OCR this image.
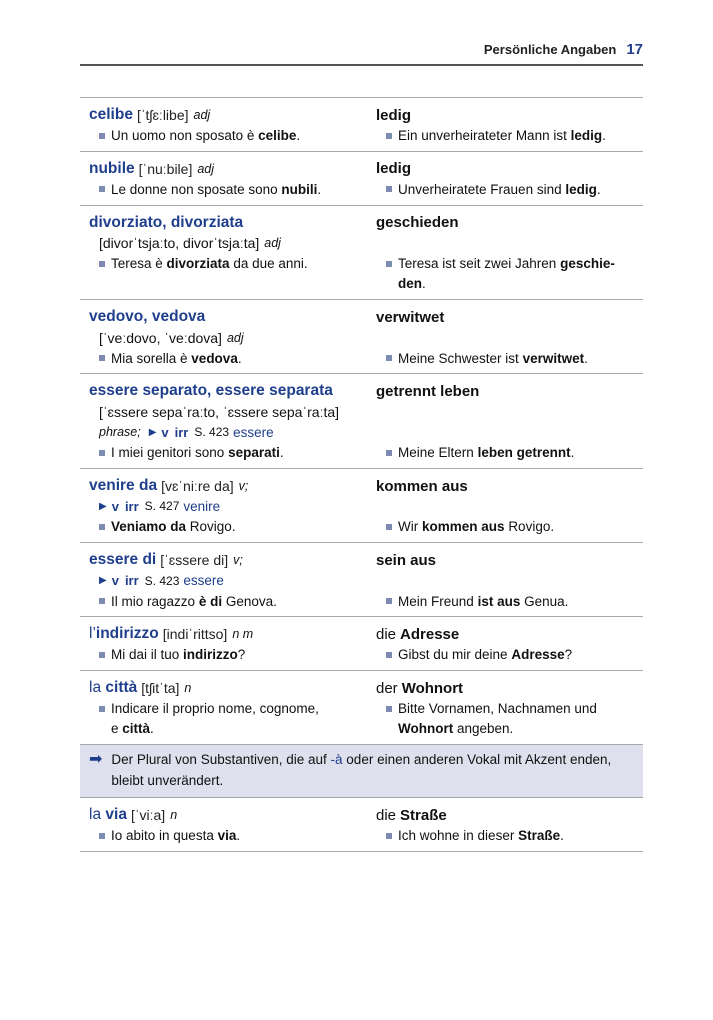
Persönliche Angaben 17
celibe [ˈtʃɛːlibe] adj
Un uomo non sposato è
celibe .
ledig
Ein unverheirateter Mann ist
ledig .
nubile [ˈnuːbile] adj
Le donne non sposate sono
nubili .
ledig
Unverheiratete Frauen sind
ledig .
divorziato, divorziata
[divorˈtsjaːto, divorˈtsjaːta] adj
Teresa è
divorziata
da due anni.
geschieden
Teresa ist seit zwei Jahren
geschie-
den .
vedovo, vedova
[ˈveːdovo, ˈveːdova] adj
Mia sorella è
vedova .
verwitwet
Meine Schwester ist
verwitwet .
essere separato, essere separata
[ˈɛssere sepaˈraːto, ˈɛssere sepaˈraːta]
phrase; ▶ v irr S. 423 essere
I miei genitori sono
separati .
getrennt leben
Meine Eltern
leben getrennt .
venire da [vɛˈniːre da] v;
▶ v irr S. 427 venire
Veniamo da
Rovigo.
kommen aus
Wir
kommen aus
Rovigo.
essere di [ˈɛssere di] v;
▶ v irr S. 423 essere
Il mio ragazzo
è di
Genova.
sein aus
Mein Freund
ist aus
Genua.
l’ indirizzo [indiˈrittso] n m
Mi dai il tuo
indirizzo ?
die Adresse
Gibst du mir deine
Adresse ?
la
città [tʃitˈta] n
Indicare il proprio nome, cognome,
e
città .
der Wohnort
Bitte Vornamen, Nachnamen und
Wohnort
angeben.
➡ Der Plural von Substantiven, die auf -à oder einen anderen Vokal mit Akzent enden, bleibt unverändert.
la
via [ˈviːa] n
Io abito in questa
via .
die Straße
Ich wohne in dieser
Straße .
